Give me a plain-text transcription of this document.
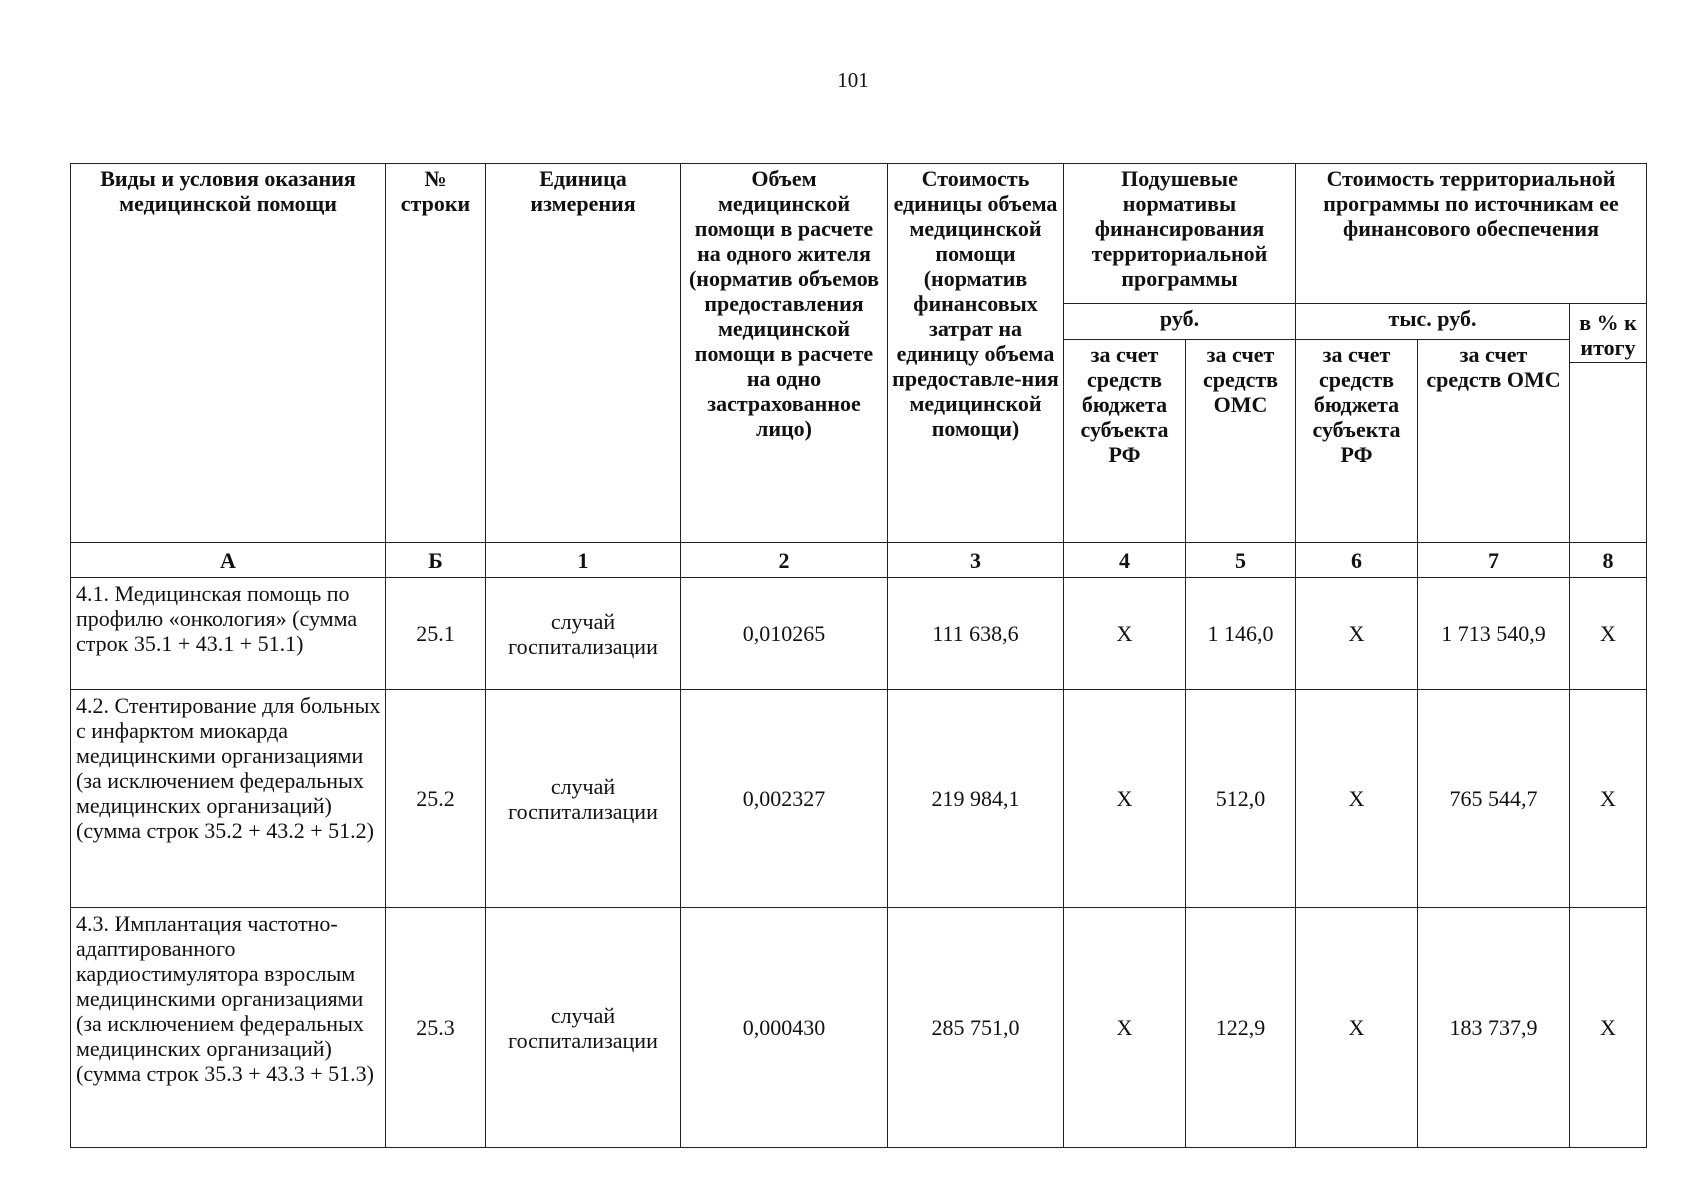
101
Виды и условия оказания медицинской помощи	№ строки	Единица измерения	Объем медицинской помощи в расчете на одного жителя (норматив объемов предоставления медицинской помощи в расчете на одно застрахованное лицо)	Стоимость единицы объема медицинской помощи (норматив финансовых затрат на единицу объема предоставле-ния медицинской помощи)	Подушевые нормативы финансирования территориальной программы		Стоимость территориальной программы по источникам ее финансового обеспечения		
					руб.		тыс. руб.		в % к итогу
					за счет средств бюджета субъекта РФ	за счет средств ОМС	за счет средств бюджета субъекта РФ	за счет средств ОМС	

А	Б	1	2	3	4	5	6	7	8
4.1. Медицинская помощь по профилю «онкология» (сумма строк 35.1 + 43.1 + 51.1)	25.1	случай госпитализации	0,010265	111 638,6	Х	1 146,0	Х	1 713 540,9	Х
4.2. Стентирование для больных с инфарктом миокарда медицинскими организациями (за исключением федеральных медицинских организаций) (сумма строк 35.2 + 43.2 + 51.2)	25.2	случай госпитализации	0,002327	219 984,1	Х	512,0	Х	765 544,7	Х
4.3. Имплантация частотно-адаптированного кардиостимулятора взрослым медицинскими организациями (за исключением федеральных медицинских организаций) (сумма строк 35.3 + 43.3 + 51.3)	25.3	случай госпитализации	0,000430	285 751,0	Х	122,9	Х	183 737,9	Х
